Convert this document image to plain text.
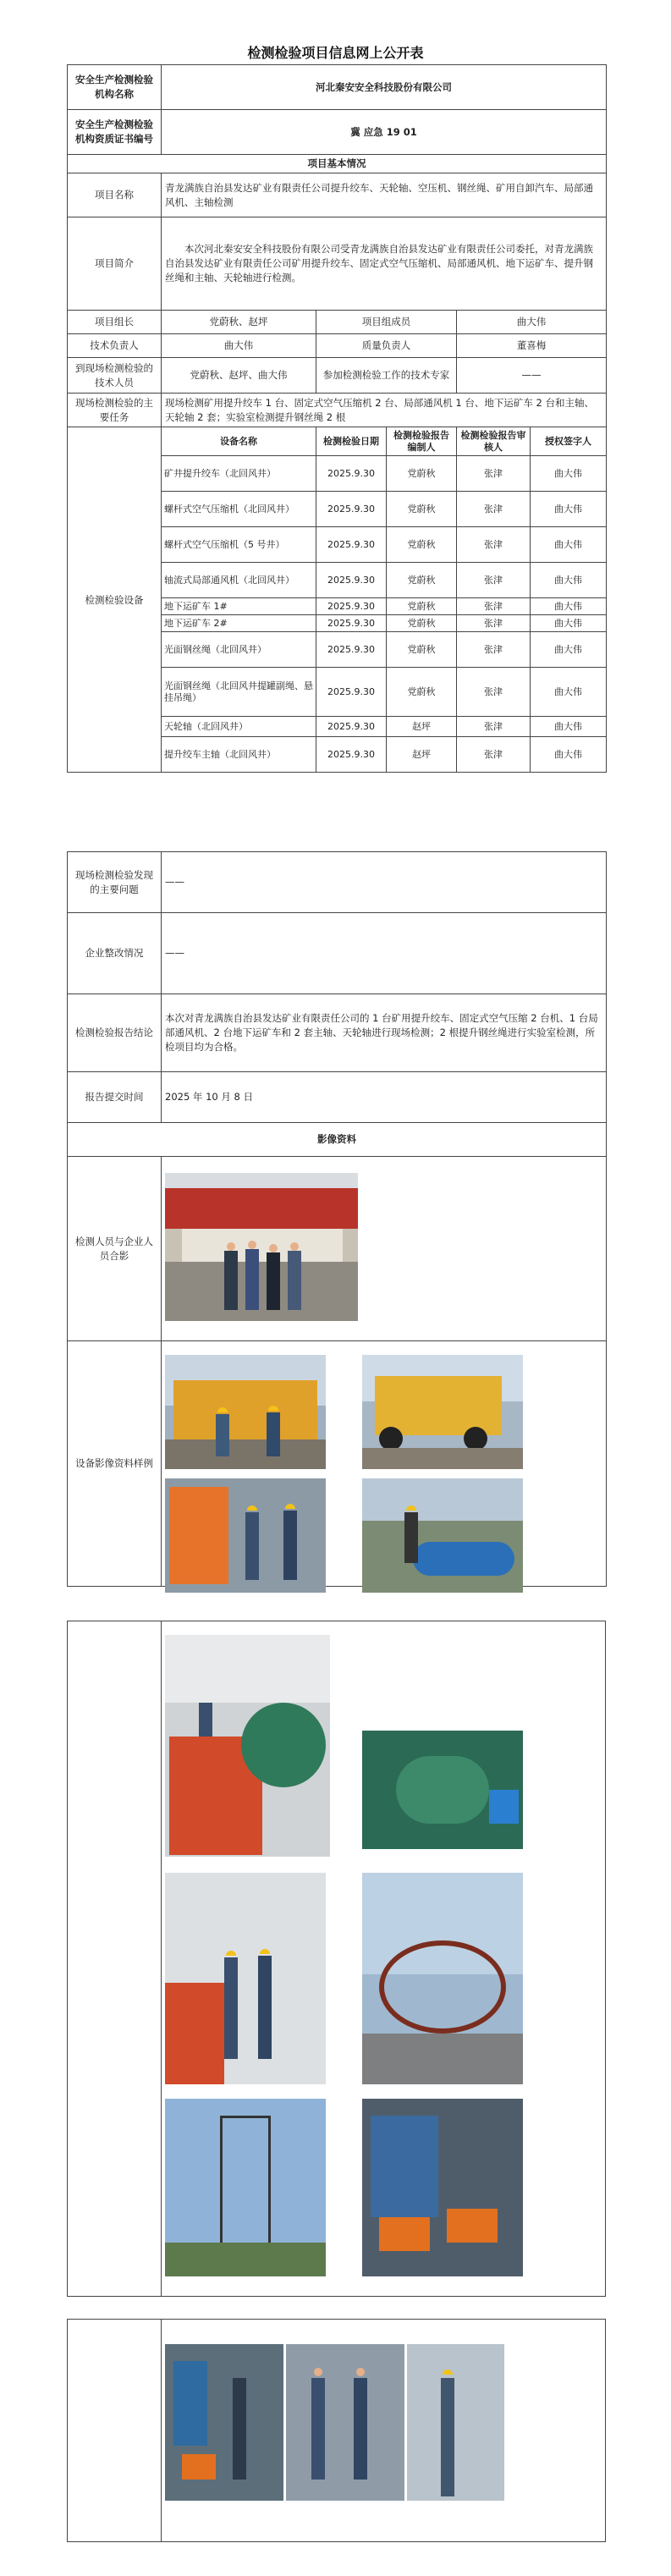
检测检验项目信息网上公开表
安全生产检测检验机构名称	河北秦安安全科技股份有限公司				
安全生产检测检验机构资质证书编号	冀 应急 19 01				
项目基本情况					
项目名称	青龙满族自治县发达矿业有限责任公司提升绞车、天轮轴、空压机、钢丝绳、矿用自卸汽车、局部通风机、主轴检测				
项目简介	本次河北秦安安全科技股份有限公司受青龙满族自治县发达矿业有限责任公司委托，对青龙满族自治县发达矿业有限责任公司矿用提升绞车、固定式空气压缩机、局部通风机、地下运矿车、提升钢丝绳和主轴、天轮轴进行检测。				
项目组长	党蔚秋、赵坪	项目组成员		曲大伟	
技术负责人	曲大伟	质量负责人		董喜梅	
到现场检测检验的技术人员	党蔚秋、赵坪、曲大伟	参加检测检验工作的技术专家		——	
现场检测检验的主要任务	现场检测矿用提升绞车 1 台、固定式空气压缩机 2 台、局部通风机 1 台、地下运矿车 2 台和主轴、天轮轴 2 套；实验室检测提升钢丝绳 2 根				
检测检验设备	设备名称	检测检验日期	检测检验报告编制人	检测检验报告审核人	授权签字人
	矿井提升绞车（北回风井）	2025.9.30	党蔚秋	张津	曲大伟
	螺杆式空气压缩机（北回风井）	2025.9.30	党蔚秋	张津	曲大伟
	螺杆式空气压缩机（5 号井）	2025.9.30	党蔚秋	张津	曲大伟
	轴流式局部通风机（北回风井）	2025.9.30	党蔚秋	张津	曲大伟
	地下运矿车 1#	2025.9.30	党蔚秋	张津	曲大伟
	地下运矿车 2#	2025.9.30	党蔚秋	张津	曲大伟
	光面钢丝绳（北回风井）	2025.9.30	党蔚秋	张津	曲大伟
	光面钢丝绳（北回风井提罐副绳、悬挂吊绳）	2025.9.30	党蔚秋	张津	曲大伟
	天轮轴（北回风井）	2025.9.30	赵坪	张津	曲大伟
	提升绞车主轴（北回风井）	2025.9.30	赵坪	张津	曲大伟
现场检测检验发现的主要问题	——
企业整改情况	——
检测检验报告结论	本次对青龙满族自治县发达矿业有限责任公司的 1 台矿用提升绞车、固定式空气压缩 2 台机、1 台局部通风机、2 台地下运矿车和 2 套主轴、天轮轴进行现场检测；2 根提升钢丝绳进行实验室检测，所检项目均为合格。
报告提交时间	2025 年 10 月 8 日
影像资料	
检测人员与企业人员合影	
设备影像资料样例	
